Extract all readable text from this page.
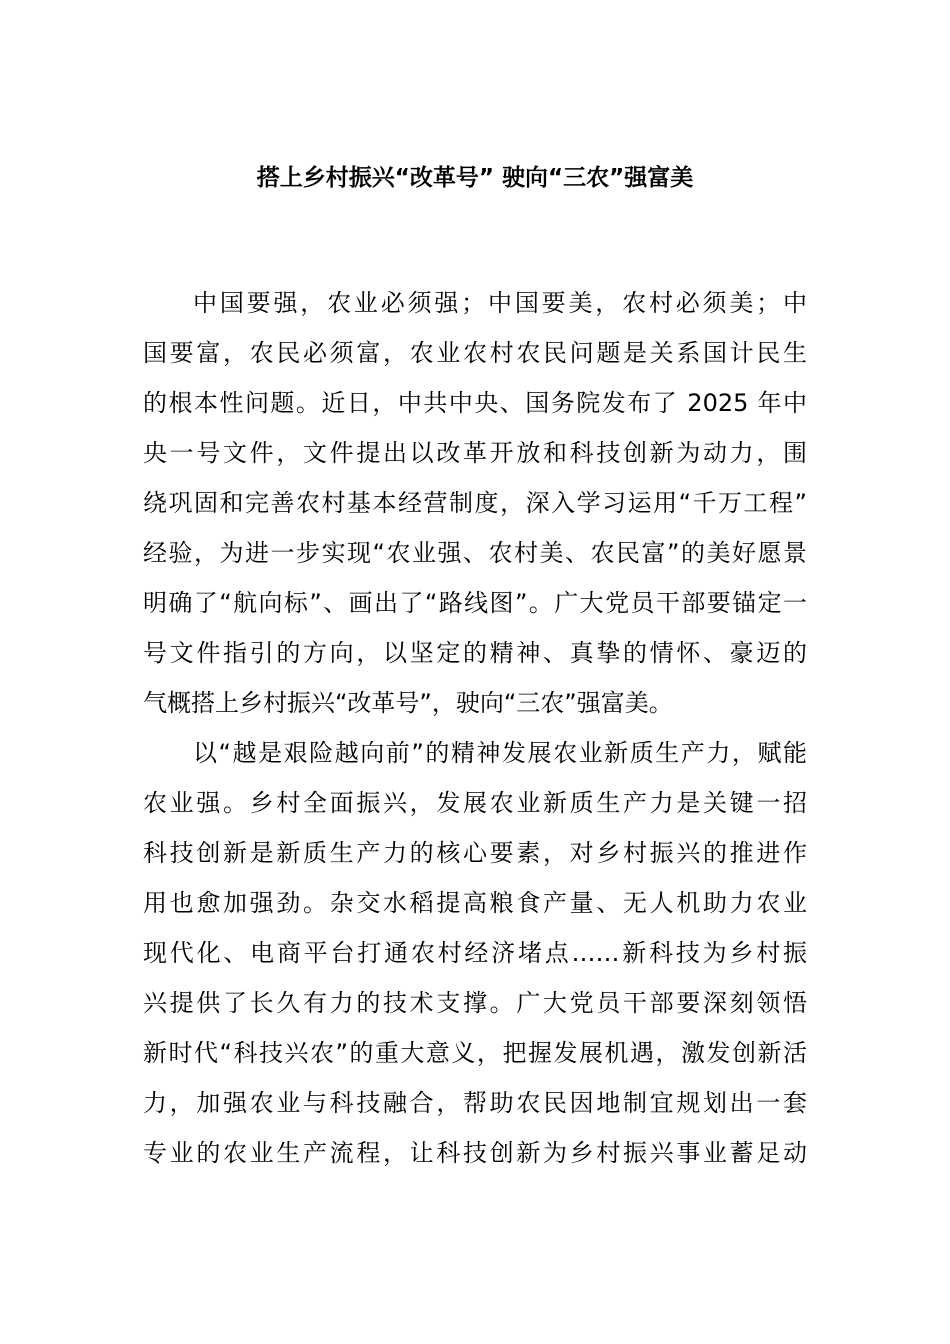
搭上乡村振兴“改革号” 驶向“三农”强富美
中国要强，农业必须强；中国要美，农村必须美；中
国要富，农民必须富，农业农村农民问题是关系国计民生
的根本性问题。近日，中共中央、国务院发布了 2025 年中
央一号文件，文件提出以改革开放和科技创新为动力，围
绕巩固和完善农村基本经营制度，深入学习运用“千万工程”
经验，为进一步实现“农业强、农村美、农民富”的美好愿景
明确了“航向标”、画出了“路线图”。广大党员干部要锚定一
号文件指引的方向，以坚定的精神、真挚的情怀、豪迈的
气概搭上乡村振兴“改革号”，驶向“三农”强富美。
以“越是艰险越向前”的精神发展农业新质生产力，赋能
农业强。乡村全面振兴，发展农业新质生产力是关键一招
科技创新是新质生产力的核心要素，对乡村振兴的推进作
用也愈加强劲。杂交水稻提高粮食产量、无人机助力农业
现代化、电商平台打通农村经济堵点……新科技为乡村振
兴提供了长久有力的技术支撑。广大党员干部要深刻领悟
新时代“科技兴农”的重大意义，把握发展机遇，激发创新活
力，加强农业与科技融合，帮助农民因地制宜规划出一套
专业的农业生产流程，让科技创新为乡村振兴事业蓄足动
